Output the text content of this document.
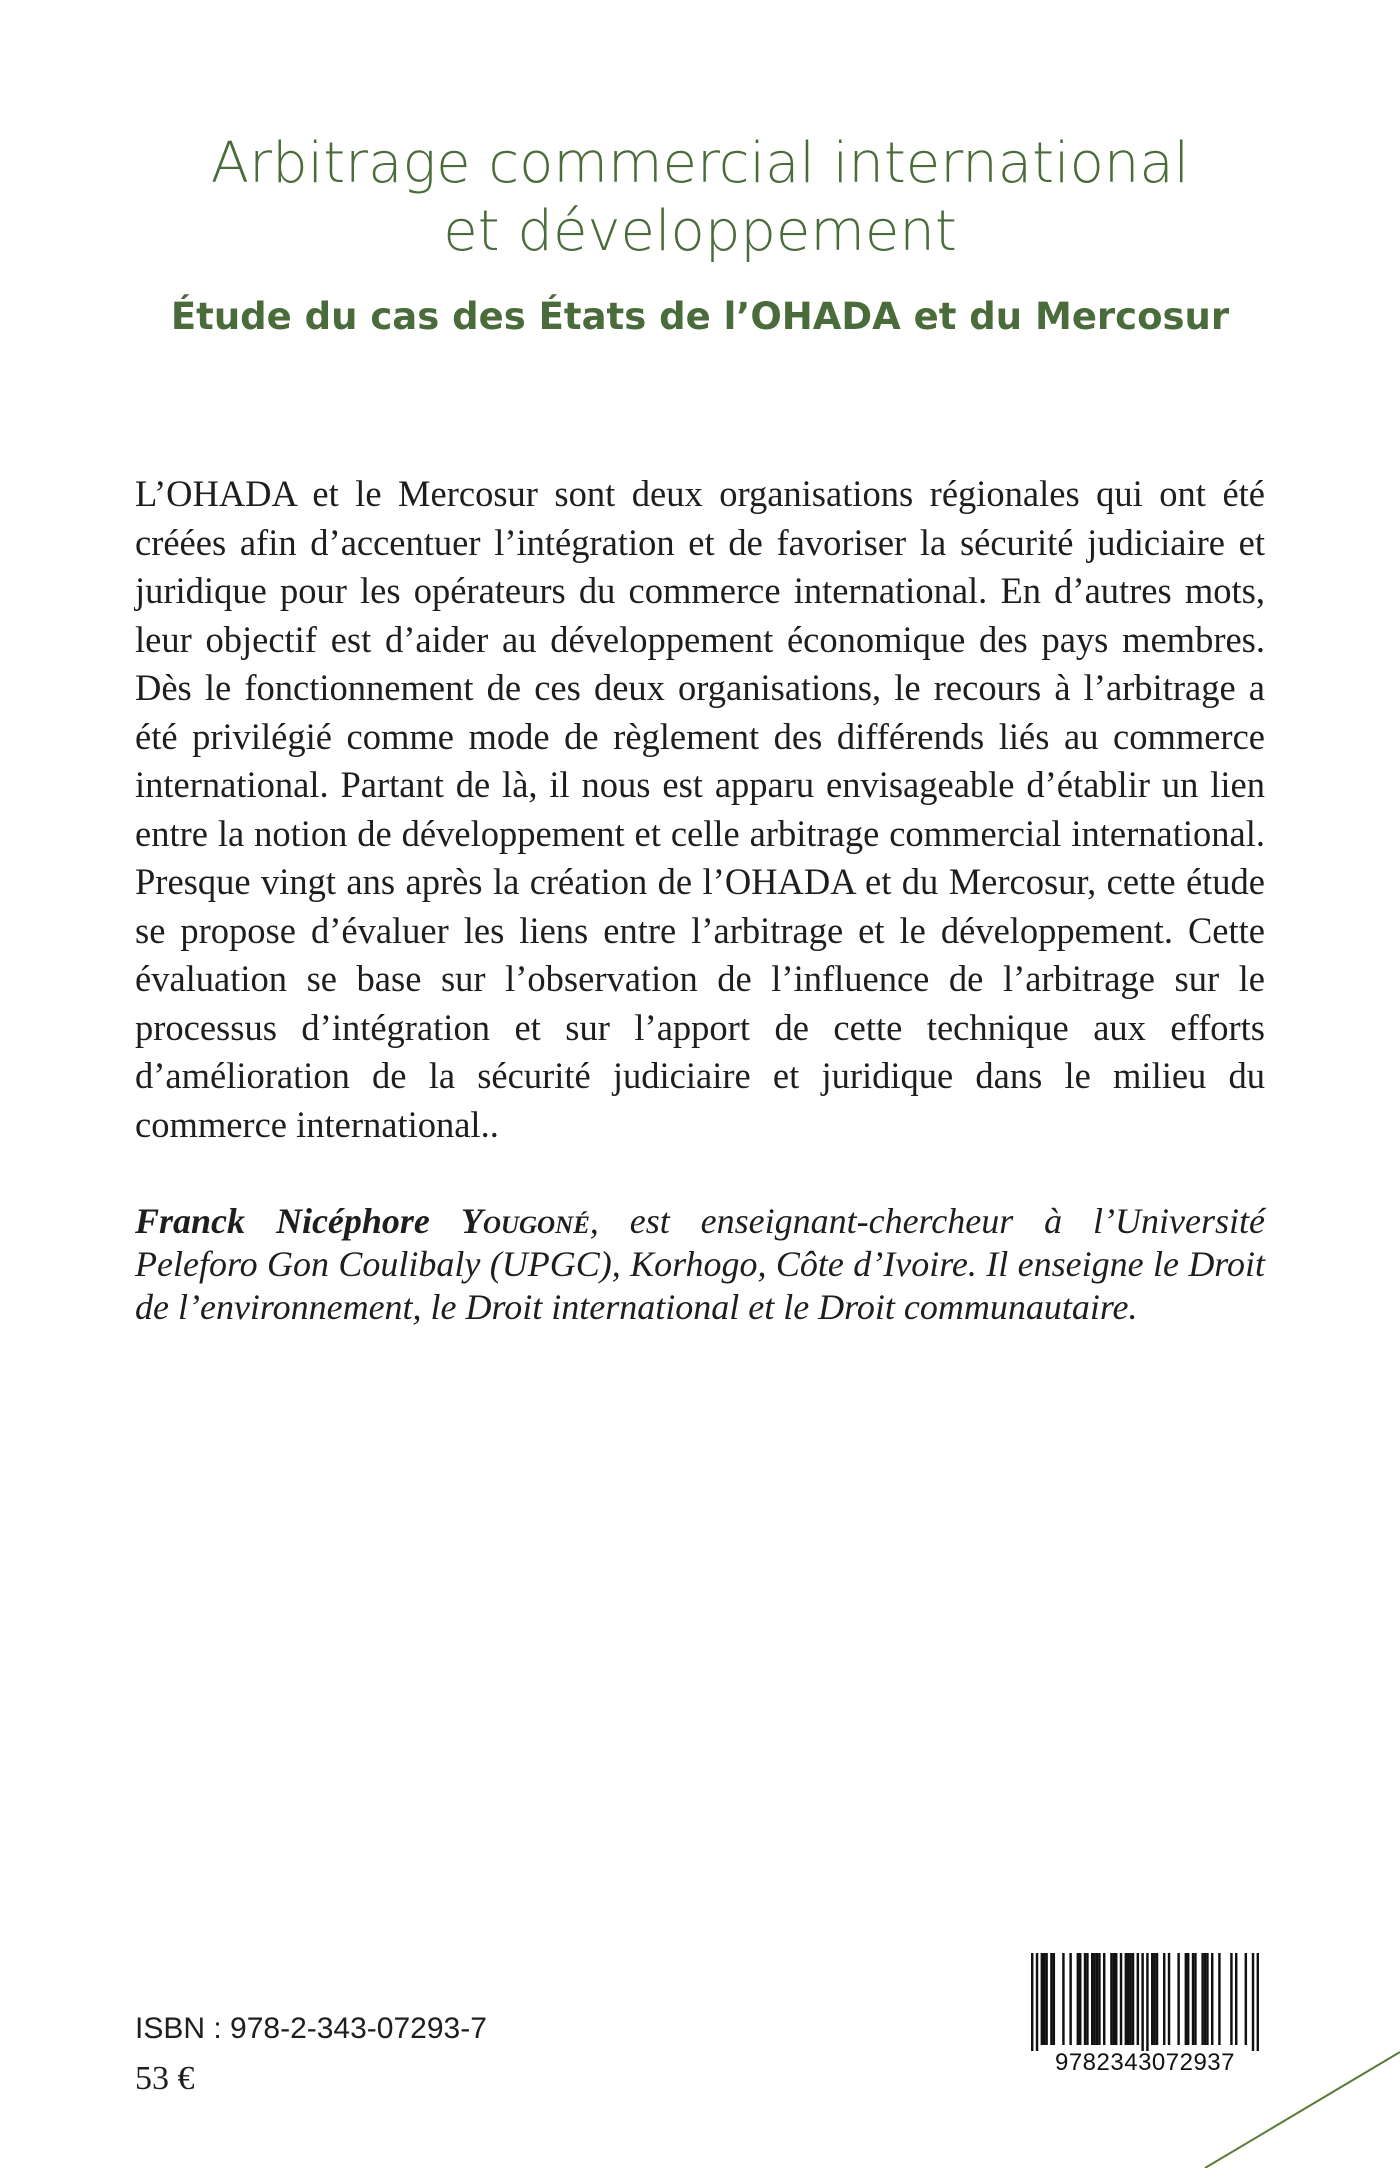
Arbitrage commercial international
et développement
Étude du cas des États de l’OHADA et du Mercosur

L’OHADA et le Mercosur sont deux organisations régionales qui ont été créées afin d’accentuer l’intégration et de favoriser la sécurité judiciaire et juridique pour les opérateurs du commerce international. En d’autres mots, leur objectif est d’aider au développement économique des pays membres. Dès le fonctionnement de ces deux organisations, le recours à l’arbitrage a été privilégié comme mode de règlement des différends liés au commerce international. Partant de là, il nous est apparu envisageable d’établir un lien entre la notion de développement et celle arbitrage commercial international. Presque vingt ans après la création de l’OHADA et du Mercosur, cette étude se propose d’évaluer les liens entre l’arbitrage et le développement. Cette évaluation se base sur l’observation de l’influence de l’arbitrage sur le processus d’intégration et sur l’apport de cette technique aux efforts d’amélioration de la sécurité judiciaire et juridique dans le milieu du commerce international..

Franck Nicéphore Yougoné, est enseignant-chercheur à l’Université Peleforo Gon Coulibaly (UPGC), Korhogo, Côte d’Ivoire. Il enseigne le Droit de l’environnement, le Droit international et le Droit communautaire.

ISBN : 978-2-343-07293-7
53 €	9782343072937
